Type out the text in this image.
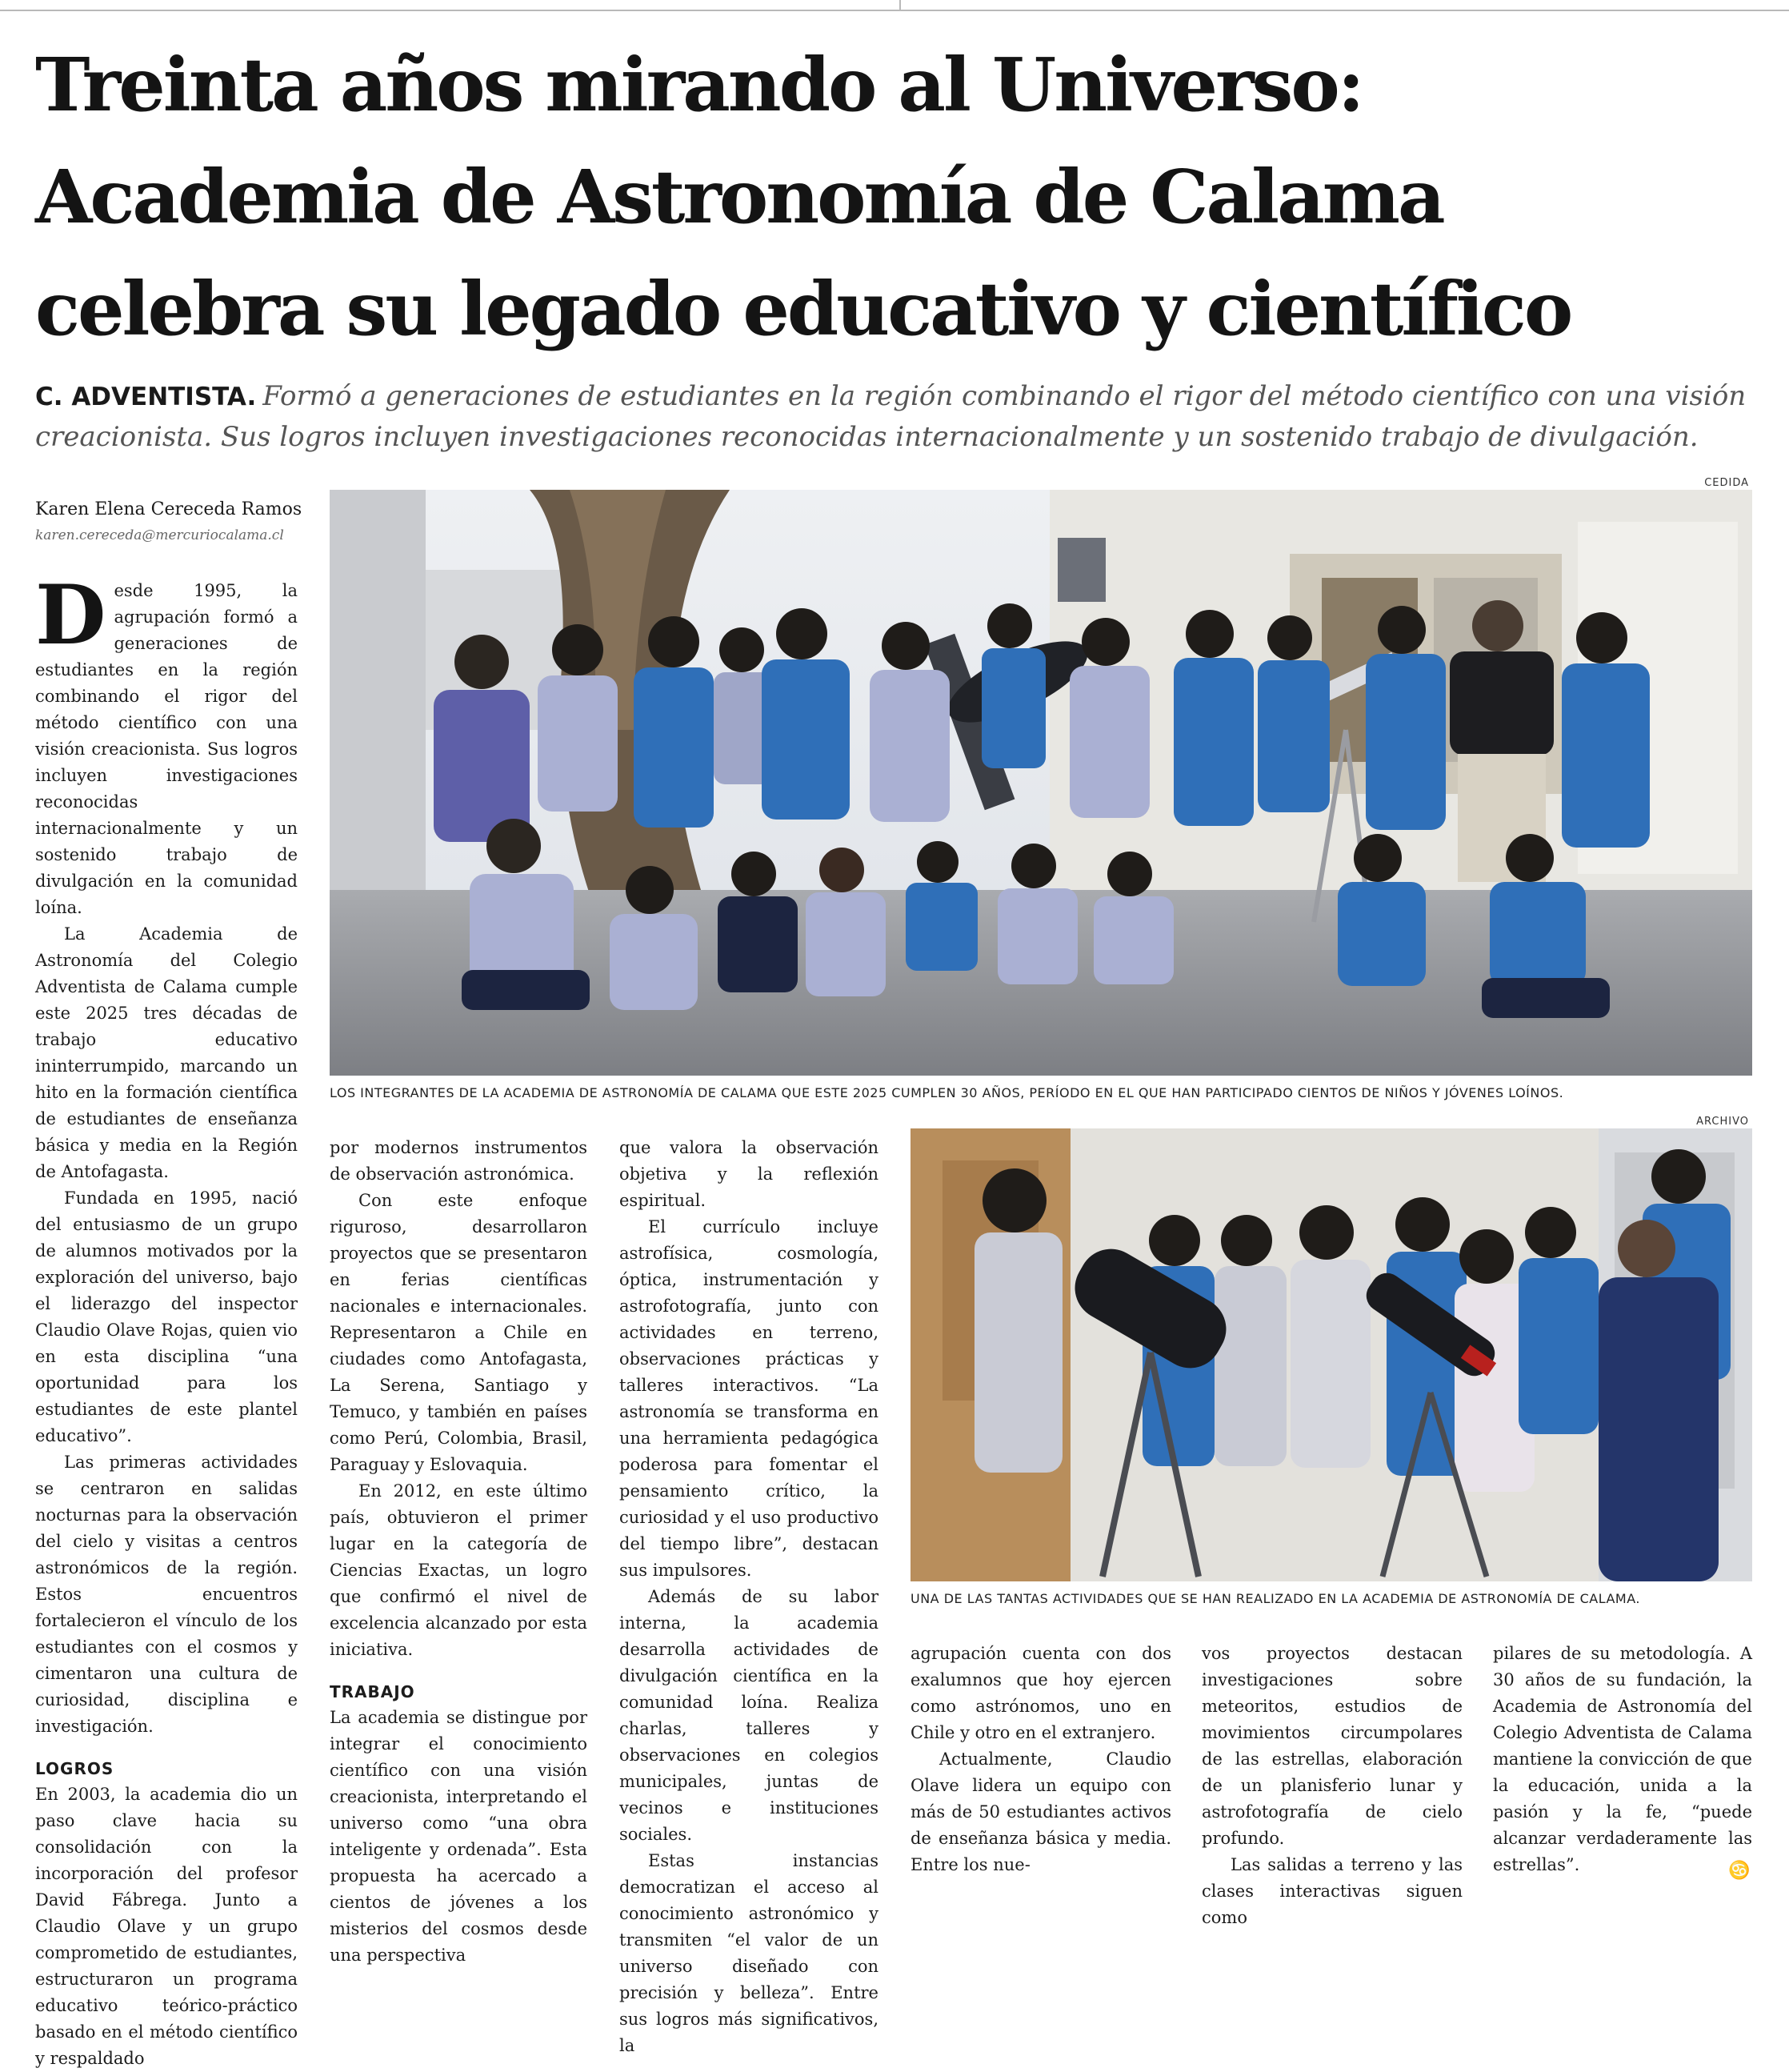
Treinta años mirando al Universo:
Academia de Astronomía de Calama
celebra su legado educativo y científico
C. ADVENTISTA. Formó a generaciones de estudiantes en la región combinando el rigor del método científico con una visión creacionista. Sus logros incluyen investigaciones reconocidas internacionalmente y un sostenido trabajo de divulgación.
Karen Elena Cereceda Ramos
karen.cereceda@mercuriocalama.cl
CEDIDA
LOS INTEGRANTES DE LA ACADEMIA DE ASTRONOMÍA DE CALAMA QUE ESTE 2025 CUMPLEN 30 AÑOS, PERÍODO EN EL QUE HAN PARTICIPADO CIENTOS DE NIÑOS Y JÓVENES LOÍNOS.
ARCHIVO
UNA DE LAS TANTAS ACTIVIDADES QUE SE HAN REALIZADO EN LA ACADEMIA DE ASTRONOMÍA DE CALAMA.

Desde 1995, la agrupación formó a generaciones de estudiantes en la región combinando el rigor del método científico con una visión creacionista. Sus logros incluyen investigaciones reconocidas internacionalmente y un sostenido trabajo de divulgación en la comunidad loína.

La Academia de Astronomía del Colegio Adventista de Calama cumple este 2025 tres décadas de trabajo educativo ininterrumpido, marcando un hito en la formación científica de estudiantes de enseñanza básica y media en la Región de Antofagasta.

Fundada en 1995, nació del entusiasmo de un grupo de alumnos motivados por la exploración del universo, bajo el liderazgo del inspector Claudio Olave Rojas, quien vio en esta disciplina “una oportunidad para los estudiantes de este plantel educativo”.

Las primeras actividades se centraron en salidas nocturnas para la observación del cielo y visitas a centros astronómicos de la región. Estos encuentros fortalecieron el vínculo de los estudiantes con el cosmos y cimentaron una cultura de curiosidad, disciplina e investigación.

LOGROS

En 2003, la academia dio un paso clave hacia su consolidación con la incorporación del profesor David Fábrega. Junto a Claudio Olave y un grupo comprometido de estudiantes, estructuraron un programa educativo teórico-práctico basado en el método científico y respaldado

por modernos instrumentos de observación astronómica.

Con este enfoque riguroso, desarrollaron proyectos que se presentaron en ferias científicas nacionales e internacionales. Representaron a Chile en ciudades como Antofagasta, La Serena, Santiago y Temuco, y también en países como Perú, Colombia, Brasil, Paraguay y Eslovaquia.

En 2012, en este último país, obtuvieron el primer lugar en la categoría de Ciencias Exactas, un logro que confirmó el nivel de excelencia alcanzado por esta iniciativa.

TRABAJO

La academia se distingue por integrar el conocimiento científico con una visión creacionista, interpretando el universo como “una obra inteligente y ordenada”. Esta propuesta ha acercado a cientos de jóvenes a los misterios del cosmos desde una perspectiva

que valora la observación objetiva y la reflexión espiritual.

El currículo incluye astrofísica, cosmología, óptica, instrumentación y astrofotografía, junto con actividades en terreno, observaciones prácticas y talleres interactivos. “La astronomía se transforma en una herramienta pedagógica poderosa para fomentar el pensamiento crítico, la curiosidad y el uso productivo del tiempo libre”, destacan sus impulsores.

Además de su labor interna, la academia desarrolla actividades de divulgación científica en la comunidad loína. Realiza charlas, talleres y observaciones en colegios municipales, juntas de vecinos e instituciones sociales.

Estas instancias democratizan el acceso al conocimiento astronómico y transmiten “el valor de un universo diseñado con precisión y belleza”. Entre sus logros más significativos, la

agrupación cuenta con dos exalumnos que hoy ejercen como astrónomos, uno en Chile y otro en el extranjero.

Actualmente, Claudio Olave lidera un equipo con más de 50 estudiantes activos de enseñanza básica y media. Entre los nue-

vos proyectos destacan investigaciones sobre meteoritos, estudios de movimientos circumpolares de las estrellas, elaboración de un planisferio lunar y astrofotografía de cielo profundo.

Las salidas a terreno y las clases interactivas siguen como

pilares de su metodología. A 30 años de su fundación, la Academia de Astronomía del Colegio Adventista de Calama mantiene la convicción de que la educación, unida a la pasión y la fe, “puede alcanzar verdaderamente las estrellas”.	♋
